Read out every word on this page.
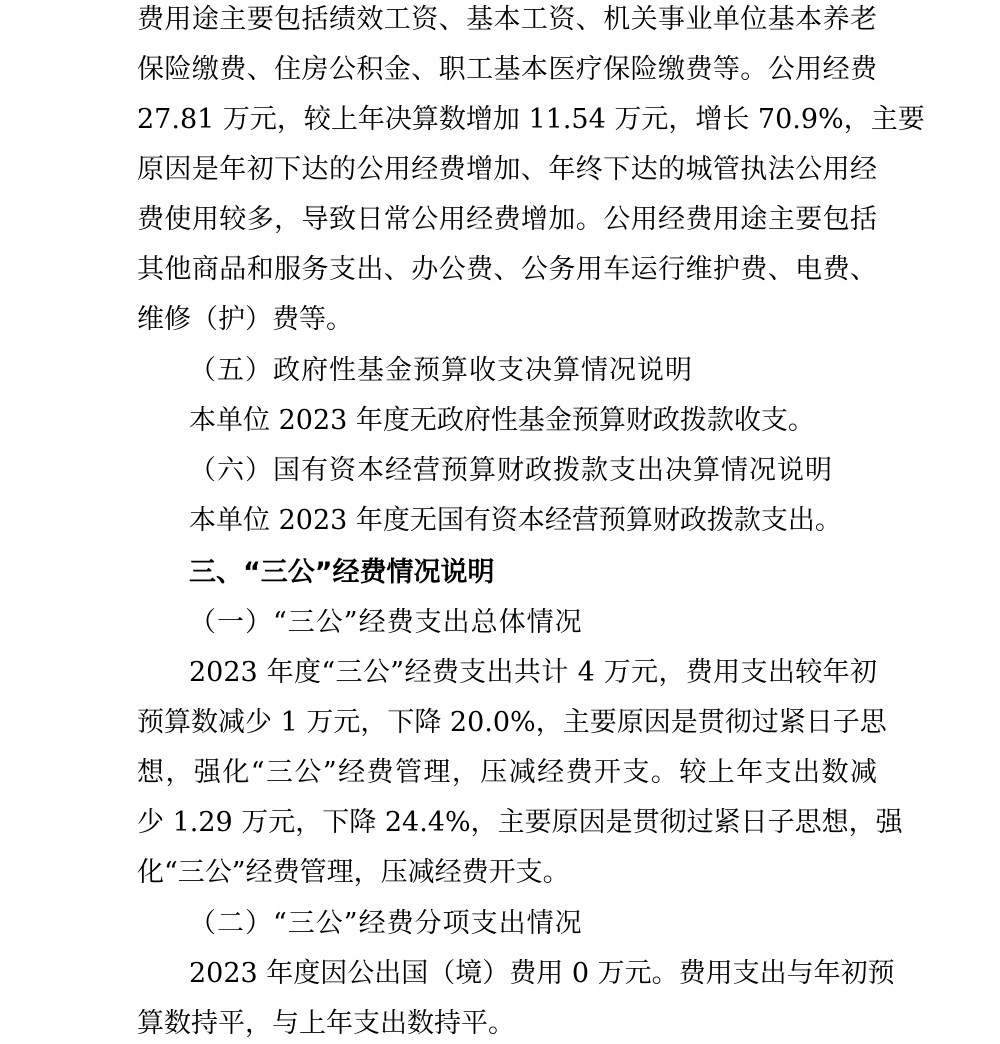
费用途主要包括绩效工资、基本工资、机关事业单位基本养老
保险缴费、住房公积金、职工基本医疗保险缴费等。公用经费
27.81 万元，较上年决算数增加 11.54 万元，增长 70.9%，主要
原因是年初下达的公用经费增加、年终下达的城管执法公用经
费使用较多，导致日常公用经费增加。公用经费用途主要包括
其他商品和服务支出、办公费、公务用车运行维护费、电费、
维修（护）费等。
（五）政府性基金预算收支决算情况说明
本单位 2023 年度无政府性基金预算财政拨款收支。
（六）国有资本经营预算财政拨款支出决算情况说明
本单位 2023 年度无国有资本经营预算财政拨款支出。
三、“三公”经费情况说明
（一）“三公”经费支出总体情况
2023 年度“三公”经费支出共计 4 万元，费用支出较年初
预算数减少 1 万元，下降 20.0%，主要原因是贯彻过紧日子思
想，强化“三公”经费管理，压减经费开支。较上年支出数减
少 1.29 万元，下降 24.4%，主要原因是贯彻过紧日子思想，强
化“三公”经费管理，压减经费开支。
（二）“三公”经费分项支出情况
2023 年度因公出国（境）费用 0 万元。费用支出与年初预
算数持平，与上年支出数持平。
